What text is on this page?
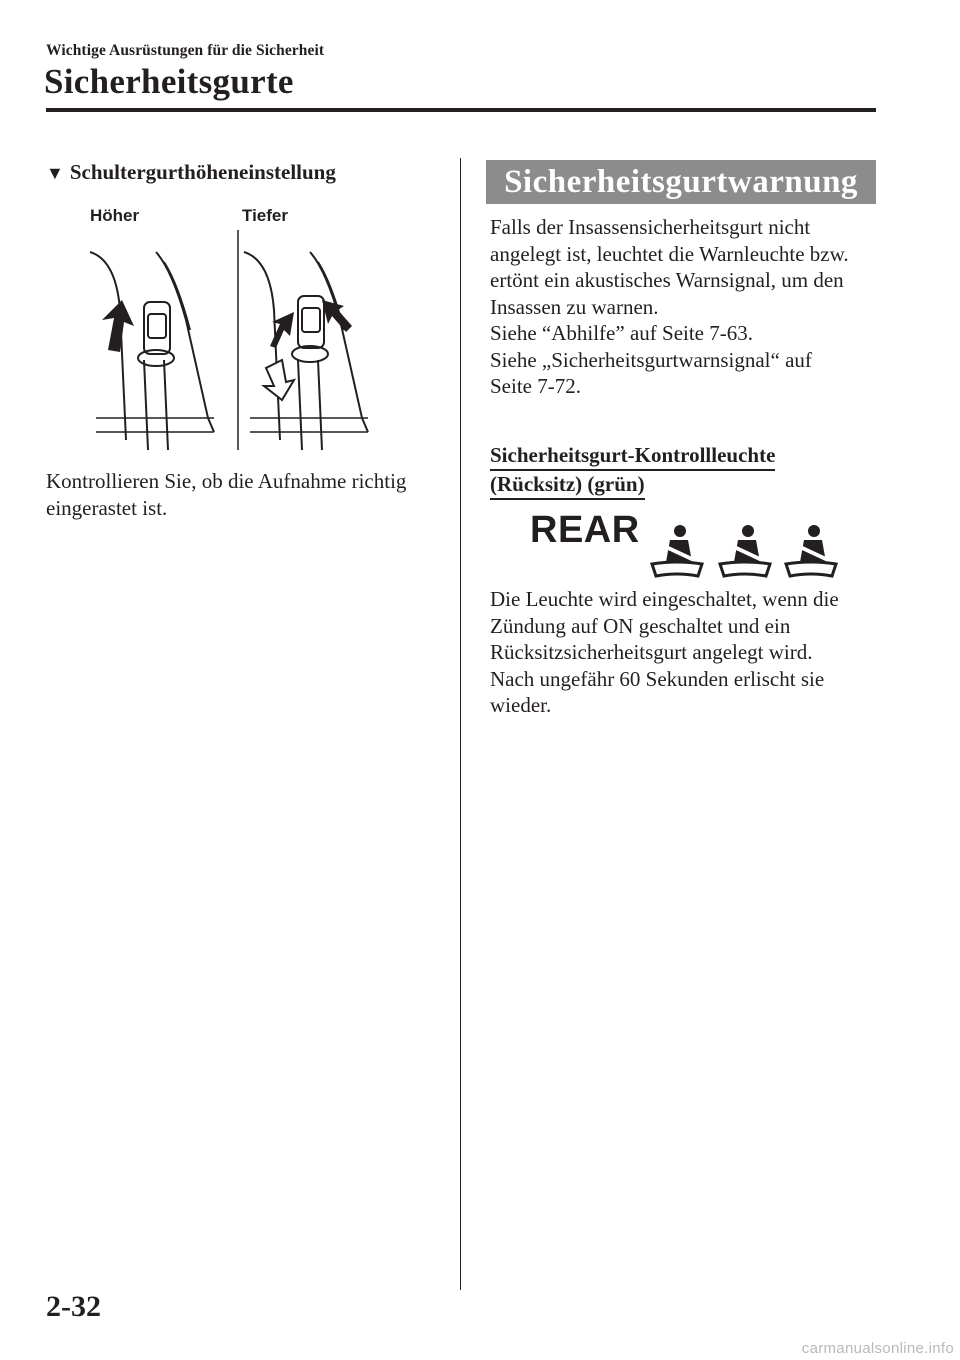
Wichtige Ausrüstungen für die Sicherheit
Sicherheitsgurte
▼ Schultergurthöheneinstellung
Höher	Tiefer
Kontrollieren Sie, ob die Aufnahme richtig
eingerastet ist.
Sicherheitsgurtwarnung
Falls der Insassensicherheitsgurt nicht
angelegt ist, leuchtet die Warnleuchte bzw.
ertönt ein akustisches Warnsignal, um den
Insassen zu warnen.
Siehe “Abhilfe” auf Seite 7-63.
Siehe „Sicherheitsgurtwarnsignal“ auf
Seite 7-72.
Sicherheitsgurt-Kontrollleuchte
(Rücksitz) (grün)
REAR
Die Leuchte wird eingeschaltet, wenn die
Zündung auf ON geschaltet und ein
Rücksitzsicherheitsgurt angelegt wird.
Nach ungefähr 60 Sekunden erlischt sie
wieder.
2-32
carmanualsonline.info
